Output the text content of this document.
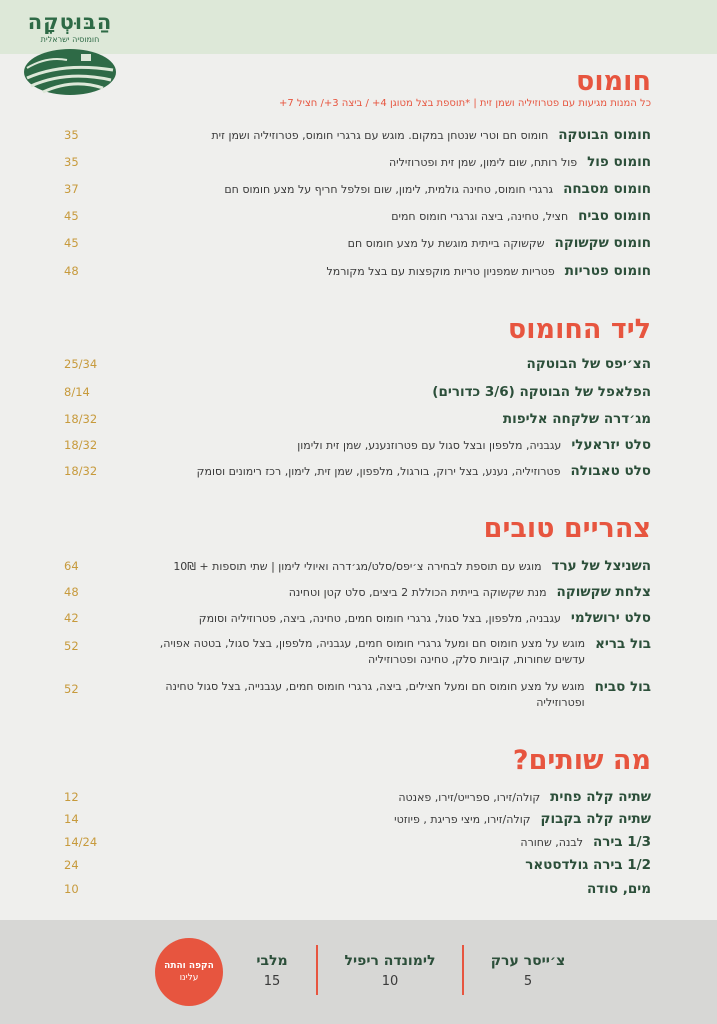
הַבּוּטְקָה
חומוסיה ישראלית
חומוס
כל המנות מגיעות עם פטרוזיליה ושמן זית | *תוספת בצל מטוגן 4+ / ביצה 3+/ חציל 7+
חומוס הבוטקה
חומוס חם וטרי שנטחן במקום. מוגש עם גרגרי חומוס, פטרוזיליה ושמן זית
35
חומוס פול
פול רותח, שום לימון, שמן זית ופטרוזיליה
35
חומוס מסבחה
גרגרי חומוס, טחינה גולמית, לימון, שום ופלפל חריף על מצע חומוס חם
37
חומוס סביח
חציל, טחינה, ביצה וגרגרי חומוס חמים
45
חומוס שקשוקה
שקשוקה בייתית מוגשת על מצע חומוס חם
45
חומוס פטריות
פטריות שמפניון טריות מוקפצות עם בצל מקורמל
48
ליד החומוס
הצ׳יפס של הבוטקה
25/34
הפלאפל של הבוטקה (3/6 כדורים)
8/14
מג׳דרה שלקחה אליפות
18/32
סלט יזראעלי
עגבניה, מלפפון ובצל סגול עם פטרוזנענע, שמן זית ולימון
18/32
סלט טאבולה
פטרוזיליה, נענע, בצל ירוק, בורגול, מלפפון, שמן זית, לימון, רכז רימונים וסומק
18/32
צהריים טובים
השניצל של ערד
מוגש עם תוספת לבחירה צ׳יפס/סלט/מג׳דרה ואיולי לימון | שתי תוספות + 10₪
64
צלחת שקשוקה
מנת שקשוקה בייתית הכוללת 2 ביצים, סלט קטן וטחינה
48
סלט ירושלמי
עגבניה, מלפפון, בצל סגול, גרגרי חומוס חמים, טחינה, ביצה, פטרוזיליה וסומק
42
בול בריא
מוגש על מצע חומוס חם ומעל גרגרי חומוס חמים, עגבניה, מלפפון, בצל סגול, בטטה אפויה, עדשים שחורות, קוביות סלק, טחינה ופטרוזיליה
52
בול סביח
מוגש על מצע חומוס חם ומעל חצילים, ביצה, גרגרי חומוס חמים, עגבנייה, בצל סגול טחינה ופטרוזיליה
52
מה שותים?
שתיה קלה פחית
קולה/זירו, ספרייט/זירו, פאנטה
12
שתיה קלה בקבוק
קולה/זירו, מיצי פריגת , פיוזטי
14
1/3 בירה
לבנה, שחורה
14/24
1/2 בירה גולדסטאר
24
מים, סודה
10
צ׳ייסר ערק
5
לימונדה ריפיל
10
מלבי
15
הקפה והתה
עלינו
